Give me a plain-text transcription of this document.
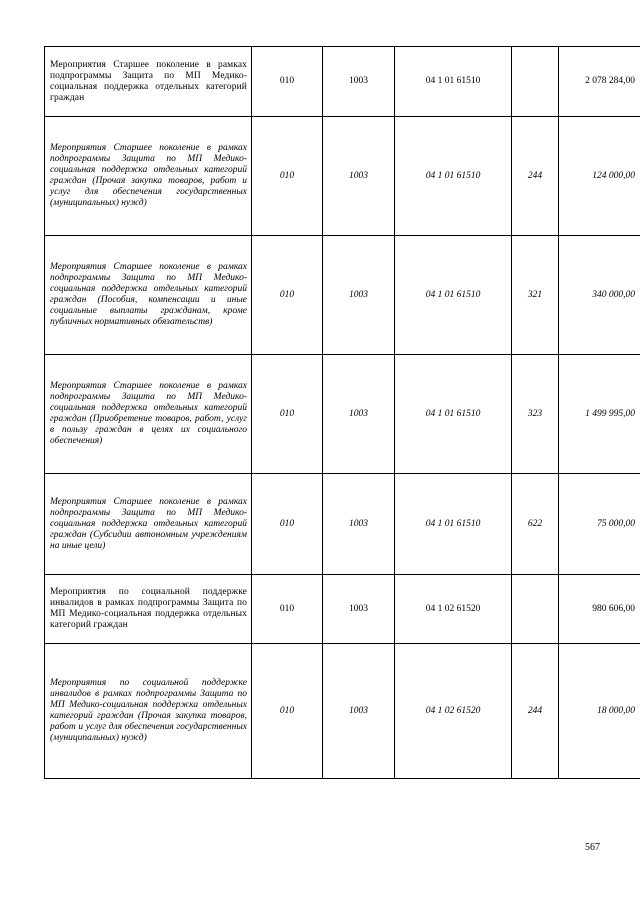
Мероприятия Старшее поколение в рамках подпрограммы Защита по МП Медико-социальная поддержка отдельных категорий граждан	010	1003	04 1 01 61510		2 078 284,00
Мероприятия Старшее поколение в рамках подпрограммы Защита по МП Медико-социальная поддержка отдельных категорий граждан (Прочая закупка товаров, работ и услуг для обеспечения государственных (муниципальных) нужд)	010	1003	04 1 01 61510	244	124 000,00
Мероприятия Старшее поколение в рамках подпрограммы Защита по МП Медико-социальная поддержка отдельных категорий граждан (Пособия, компенсации и иные социальные выплаты гражданам, кроме публичных нормативных обязательств)	010	1003	04 1 01 61510	321	340 000,00
Мероприятия Старшее поколение в рамках подпрограммы Защита по МП Медико-социальная поддержка отдельных категорий граждан (Приобретение товаров, работ, услуг в пользу граждан в целях их социального обеспечения)	010	1003	04 1 01 61510	323	1 499 995,00
Мероприятия Старшее поколение в рамках подпрограммы Защита по МП Медико-социальная поддержка отдельных категорий граждан (Субсидии автономным учреждениям на иные цели)	010	1003	04 1 01 61510	622	75 000,00
Мероприятия по социальной поддержке инвалидов в рамках подпрограммы Защита по МП Медико-социальная поддержка отдельных категорий граждан	010	1003	04 1 02 61520		980 606,00
Мероприятия по социальной поддержке инвалидов в рамках подпрограммы Защита по МП Медико-социальная поддержка отдельных категорий граждан (Прочая закупка товаров, работ и услуг для обеспечения государственных (муниципальных) нужд)	010	1003	04 1 02 61520	244	18 000,00
567
